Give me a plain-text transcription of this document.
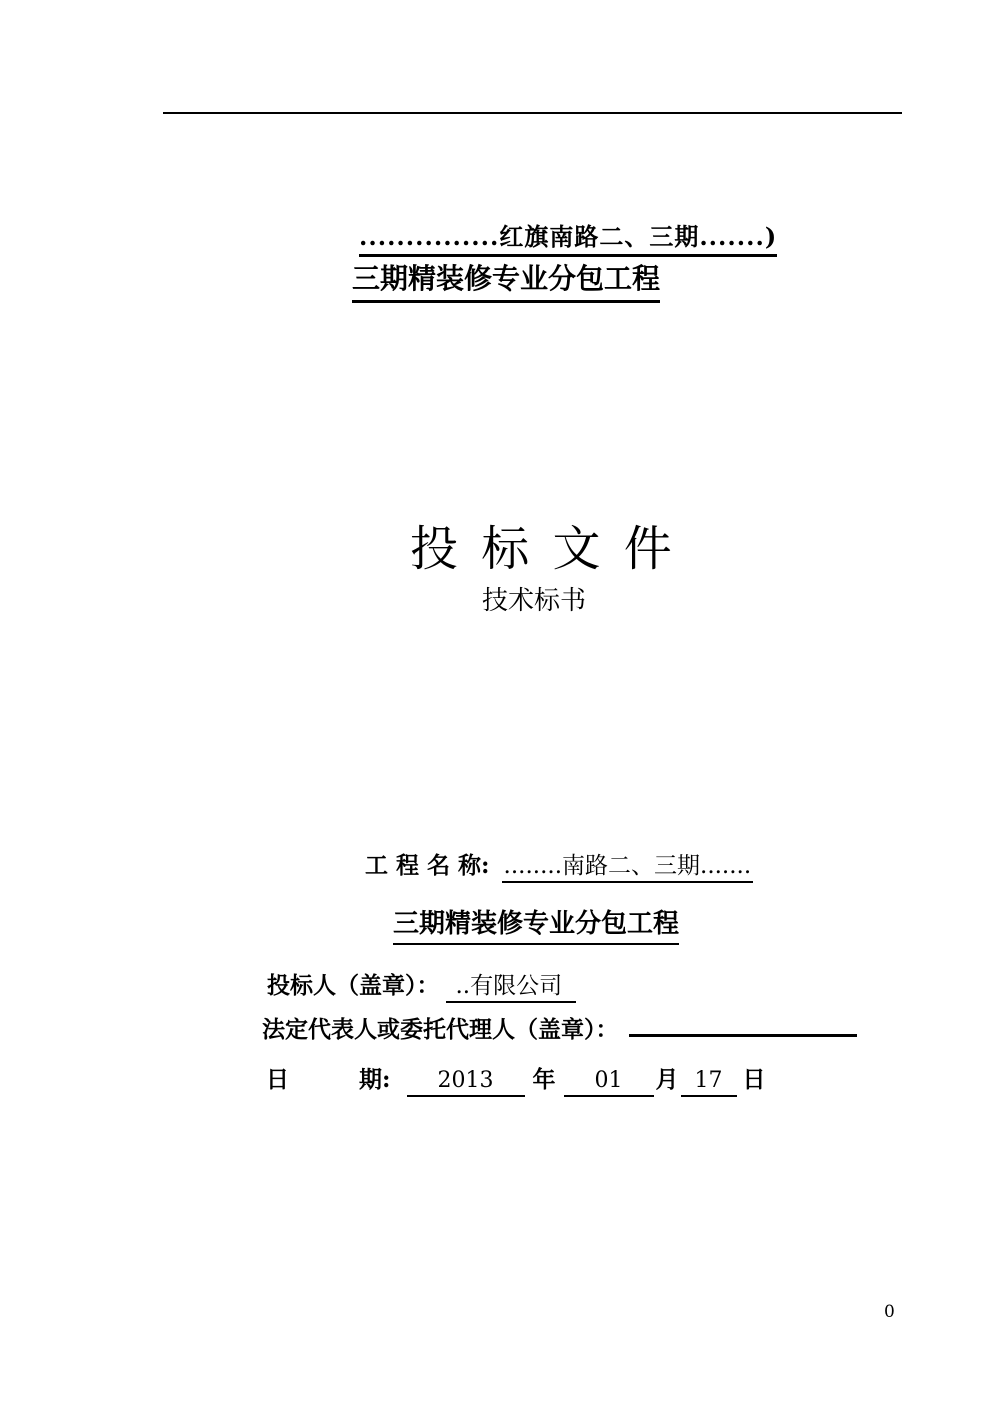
...............红旗南路二、三期.......)
三期精装修专业分包工程
投 标 文 件
技术标书
工 程 名 称: ........南路二、三期.......
三期精装修专业分包工程
投标人（盖章）： ..有限公司
法定代表人或委托代理人（盖章）：
日	期: 2013 年 01 月 17 日
0
